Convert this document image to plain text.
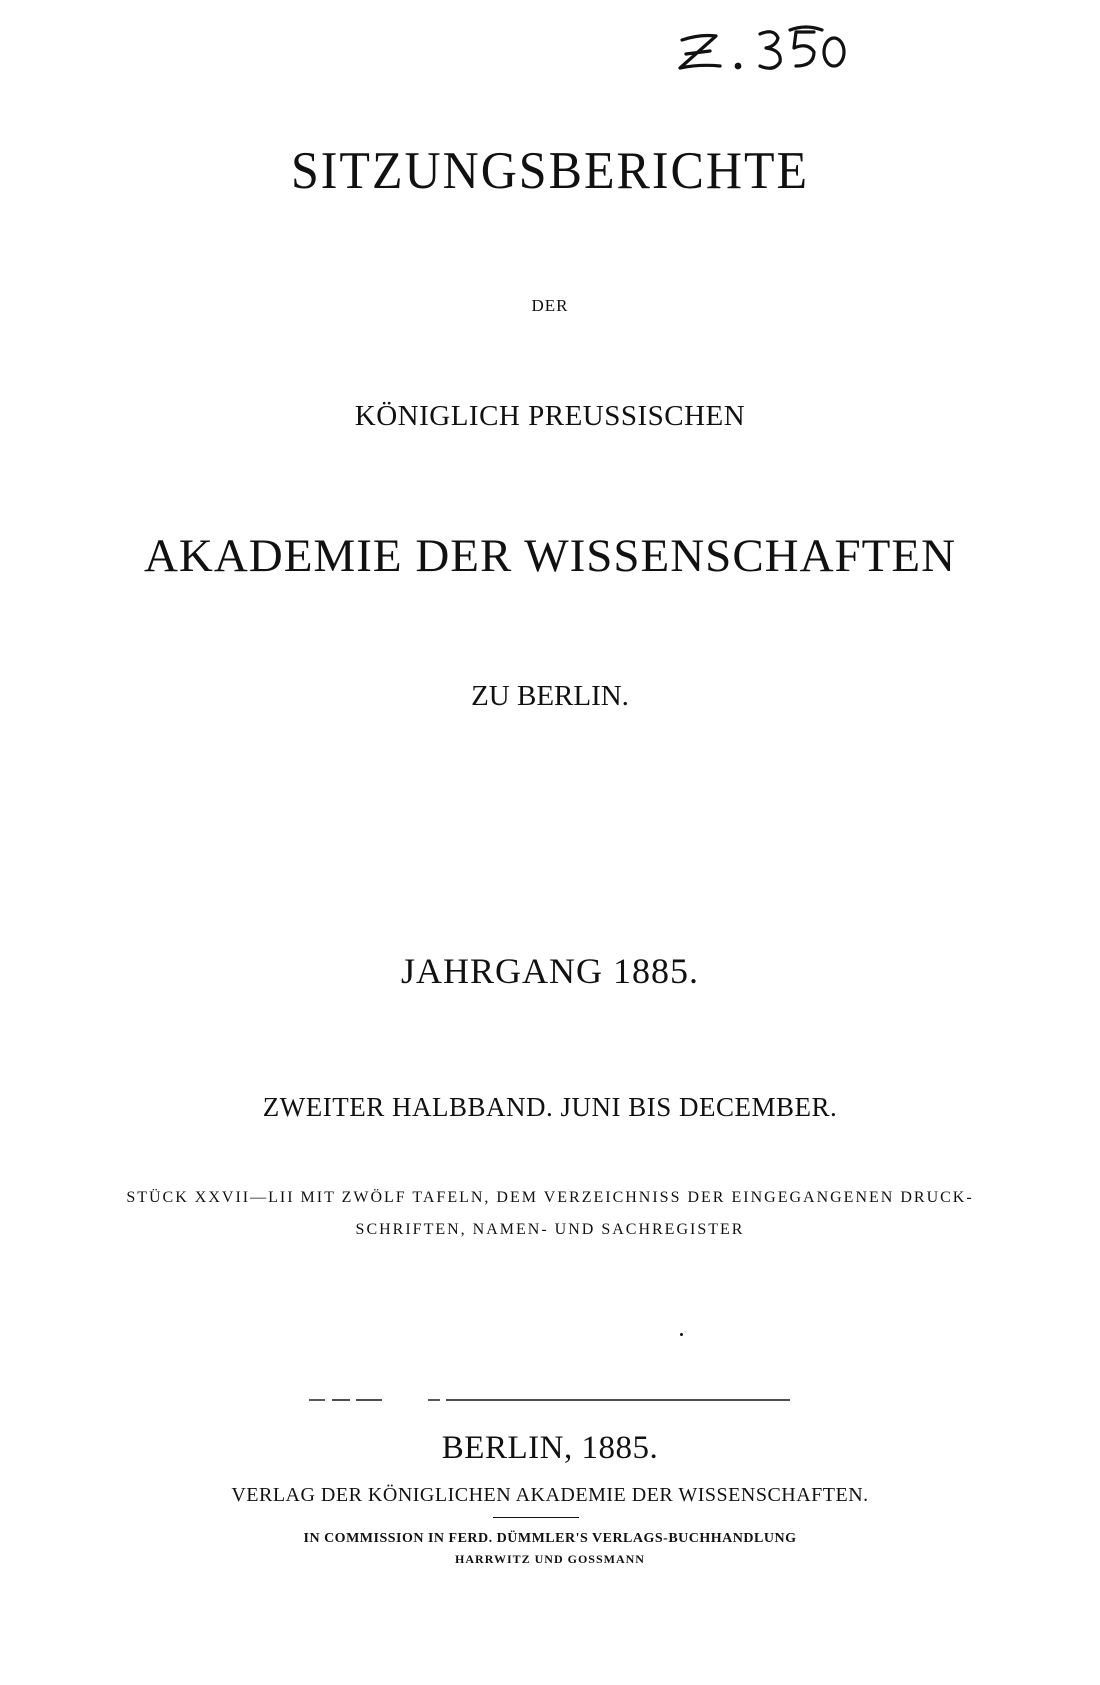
SITZUNGSBERICHTE
DER
KÖNIGLICH PREUSSISCHEN
AKADEMIE DER WISSENSCHAFTEN
ZU BERLIN.
JAHRGANG 1885.
ZWEITER HALBBAND. JUNI BIS DECEMBER.
STÜCK XXVII—LII MIT ZWÖLF TAFELN, DEM VERZEICHNISS DER EINGEGANGENEN DRUCK-
SCHRIFTEN, NAMEN- UND SACHREGISTER
BERLIN, 1885.
VERLAG DER KÖNIGLICHEN AKADEMIE DER WISSENSCHAFTEN.
IN COMMISSION IN FERD. DÜMMLER'S VERLAGS-BUCHHANDLUNG
HARRWITZ UND GOSSMANN
